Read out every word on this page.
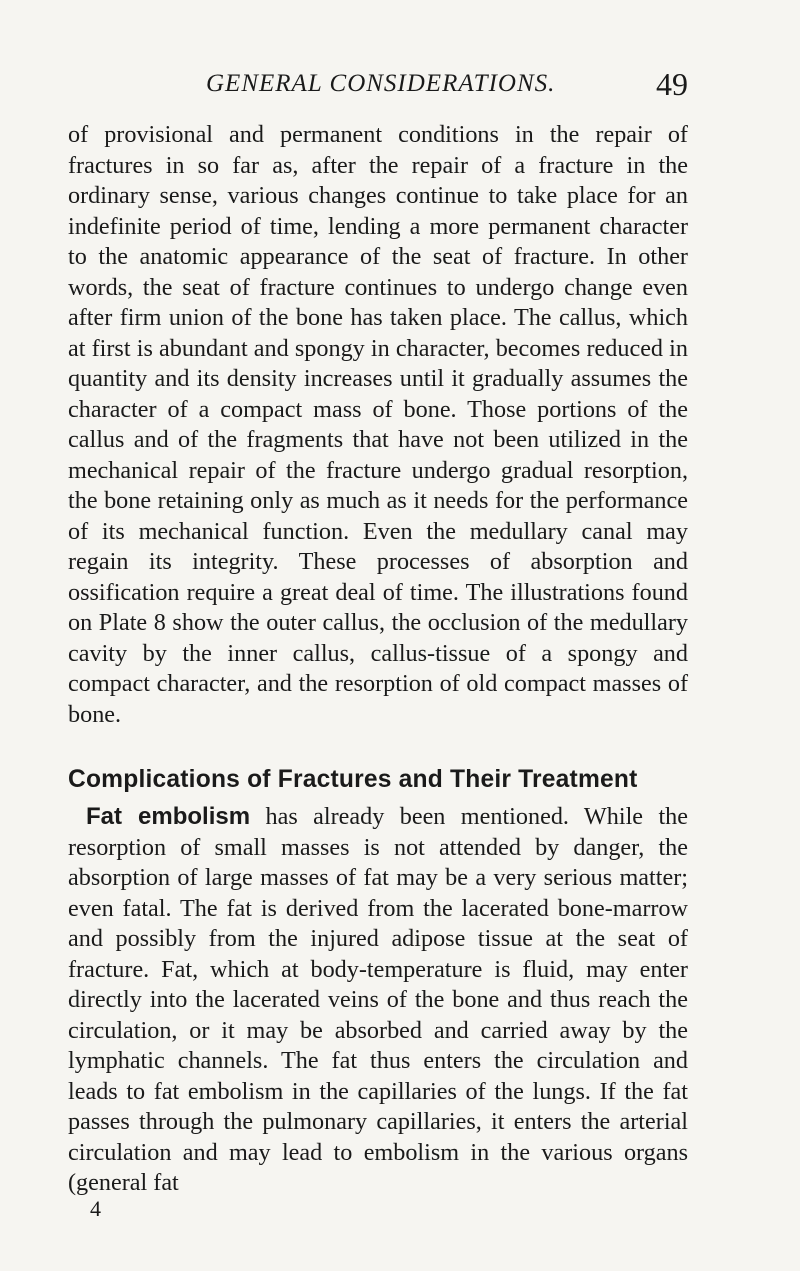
GENERAL CONSIDERATIONS.	49

of provisional and permanent conditions in the repair of fractures in so far as, after the repair of a fracture in the ordinary sense, various changes continue to take place for an indefinite period of time, lending a more permanent character to the anatomic appearance of the seat of fracture. In other words, the seat of fracture continues to undergo change even after firm union of the bone has taken place. The callus, which at first is abundant and spongy in character, becomes reduced in quantity and its density increases until it gradually assumes the character of a compact mass of bone. Those portions of the callus and of the fragments that have not been utilized in the mechanical repair of the fracture undergo gradual resorption, the bone retaining only as much as it needs for the performance of its mechanical function. Even the medullary canal may regain its integrity. These processes of absorption and ossification require a great deal of time. The illustrations found on Plate 8 show the outer callus, the occlusion of the medullary cavity by the inner callus, callus-tissue of a spongy and compact character, and the resorption of old compact masses of bone.

Complications of Fractures and Their Treatment

Fat embolism has already been mentioned. While the resorption of small masses is not attended by danger, the absorption of large masses of fat may be a very serious matter; even fatal. The fat is derived from the lacerated bone-marrow and possibly from the injured adipose tissue at the seat of fracture. Fat, which at body-temperature is fluid, may enter directly into the lacerated veins of the bone and thus reach the circulation, or it may be absorbed and carried away by the lymphatic channels. The fat thus enters the circulation and leads to fat embolism in the capillaries of the lungs. If the fat passes through the pulmonary capillaries, it enters the arterial circulation and may lead to embolism in the various organs (general fat

4
